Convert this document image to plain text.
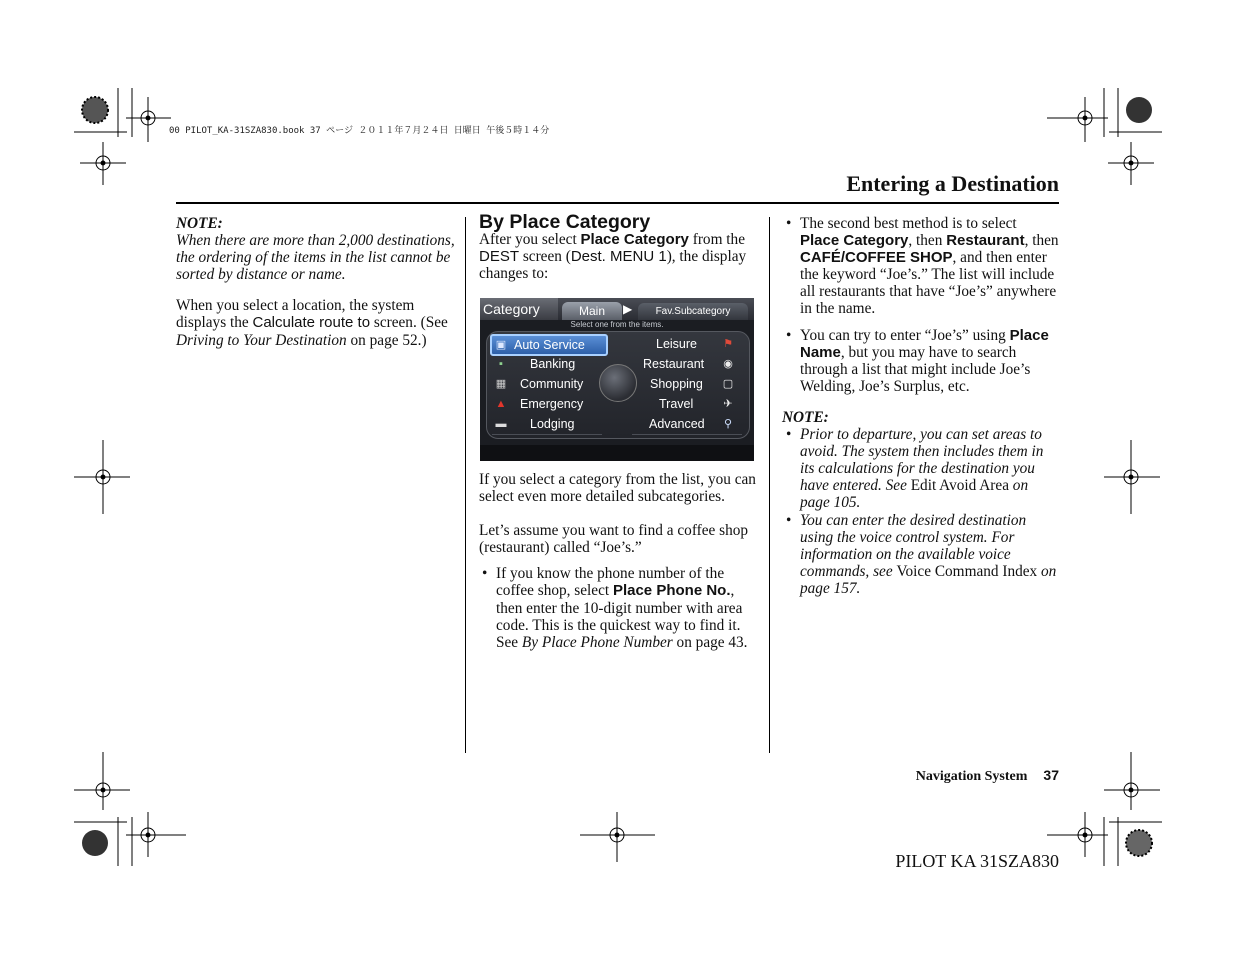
00 PILOT_KA-31SZA830.book 37 ページ ２０１１年７月２４日 日曜日 午後５時１４分
Entering a Destination

NOTE:

When there are more than 2,000 destinations, the ordering of the items in the list cannot be sorted by distance or name.

When you select a location, the system displays the Calculate route to screen. (See Driving to Your Destination on page 52.)

By Place Category

After you select Place Category from the DEST screen (Dest. MENU 1), the display changes to:

Category	Main	▶	Fav.Subcategory
Select one from the items.
▣ Auto Service
▪	Banking
▦ Community
▲ Emergency
▬ Lodging
Leisure ⚑
Restaurant ◉
Shopping ▢
Travel	✈
Advanced ⚲

If you select a category from the list, you can select even more detailed subcategories.

Let’s assume you want to find a coffee shop (restaurant) called “Joe’s.”

• If you know the phone number of the coffee shop, select Place Phone No., then enter the 10-digit number with area code. This is the quickest way to find it. See By Place Phone Number on page 43.
• The second best method is to select Place Category, then Restaurant, then CAFÉ/COFFEE SHOP, and then enter the keyword “Joe’s.” The list will include all restaurants that have “Joe’s” anywhere in the name.
• You can try to enter “Joe’s” using Place Name, but you may have to search through a list that might include Joe’s Welding, Joe’s Surplus, etc.

NOTE:

• Prior to departure, you can set areas to avoid. The system then includes them in its calculations for the destination you have entered. See Edit Avoid Area on page 105.
• You can enter the desired destination using the voice control system. For information on the available voice commands, see Voice Command Index on page 157.
Navigation System 37
PILOT KA 31SZA830
